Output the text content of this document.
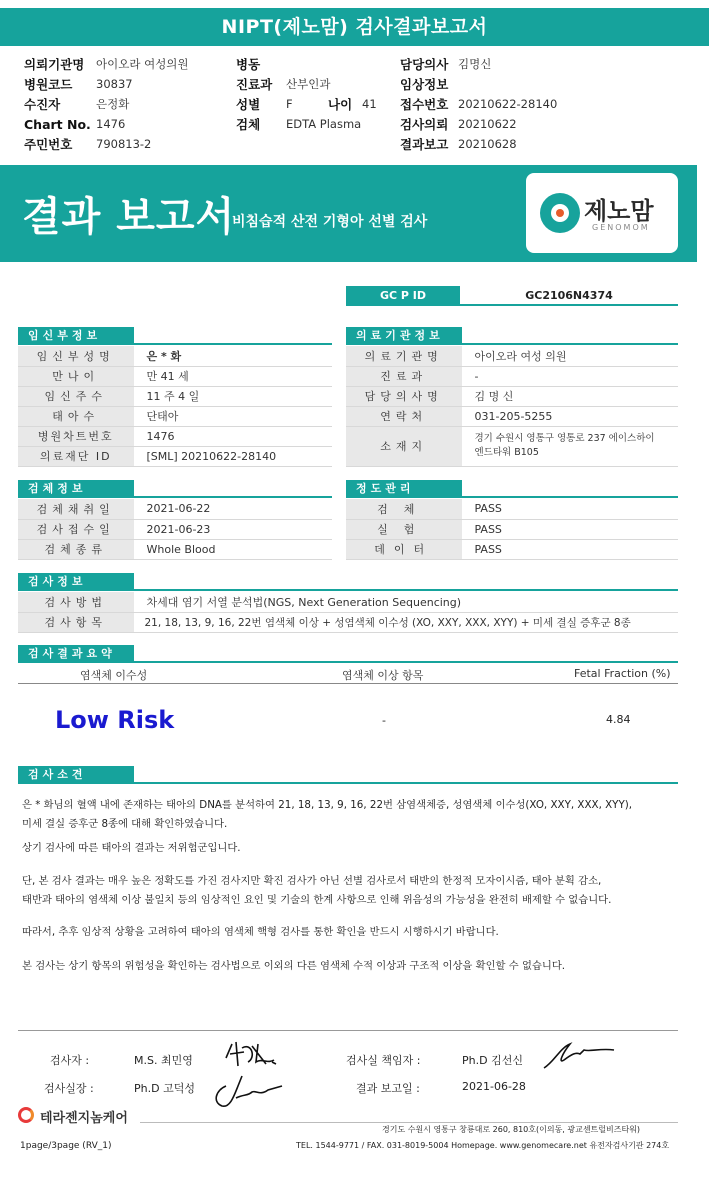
NIPT(제노맘) 검사결과보고서
의뢰기관명	아이오라 여성의원
병원코드	30837
수진자	은정화
Chart No. 1476
주민번호	790813-2
병동
진료과	산부인과
성별	F	나이 41
검체	EDTA Plasma
담당의사 김명신
임상정보
접수번호 20210622-28140
검사의뢰 20210622
결과보고 20210628
결과 보고서
비침습적 산전 기형아 선별 검사	제노맘
GENOMOM
GC P ID	GC2106N4374
임신부정보
임신부성명	은 * 화
만나이	만 41 세
임신주수	11 주 4 일
태아수	단태아
병원차트번호	1476
의료재단 ID	[SML] 20210622-28140
의료기관정보
의료기관명	아이오라 여성 의원
진료과	-
담당의사명	김 명 신
연락처	031-205-5255
소재지	경기 수원시 영통구 영통로 237 에이스하이
엔드타워 B105
검체정보
검체채취일	2021-06-22
검사접수일	2021-06-23
검체종류	Whole Blood
정도관리
검체	PASS
실험	PASS
데이터	PASS
검사정보
검사방법	차세대 염기 서열 분석법(NGS, Next Generation Sequencing)
검사항목	21, 18, 13, 9, 16, 22번 염색체 이상 + 성염색체 이수성 (XO, XXY, XXX, XYY) + 미세 결실 증후군 8종
검사결과요약
염색체 이수성	염색체 이상 항목	Fetal Fraction (%)
Low Risk	-	4.84
검사소견
은 * 화님의 혈액 내에 존재하는 태아의 DNA를 분석하여 21, 18, 13, 9, 16, 22번 삼염색체증, 성염색체 이수성(XO, XXY, XXX, XYY),
미세 결실 증후군 8종에 대해 확인하였습니다.
상기 검사에 따른 태아의 결과는 저위험군입니다.
단, 본 검사 결과는 매우 높은 정확도를 가진 검사지만 확진 검사가 아닌 선별 검사로서 태반의 한정적 모자이시즘, 태아 분획 감소,
태반과 태아의 염색체 이상 불일치 등의 임상적인 요인 및 기술의 한계 사항으로 인해 위음성의 가능성을 완전히 배제할 수 없습니다.
따라서, 추후 임상적 상황을 고려하여 태아의 염색체 핵형 검사를 통한 확인을 반드시 시행하시기 바랍니다.
본 검사는 상기 항목의 위험성을 확인하는 검사법으로 이외의 다른 염색체 수적 이상과 구조적 이상을 확인할 수 없습니다.
검사자 :	M.S. 최민영	검사실 책임자 :	Ph.D 김선신
검사실장 :	Ph.D 고덕성	결과 보고일 :	2021-06-28
테라젠지놈케어
경기도 수원시 영통구 창룡대로 260, 810호(이의동, 광교센트럴비즈타워)
TEL. 1544-9771 / FAX. 031-8019-5004 Homepage. www.genomecare.net 유전자검사기관 274호
1page/3page (RV_1)
